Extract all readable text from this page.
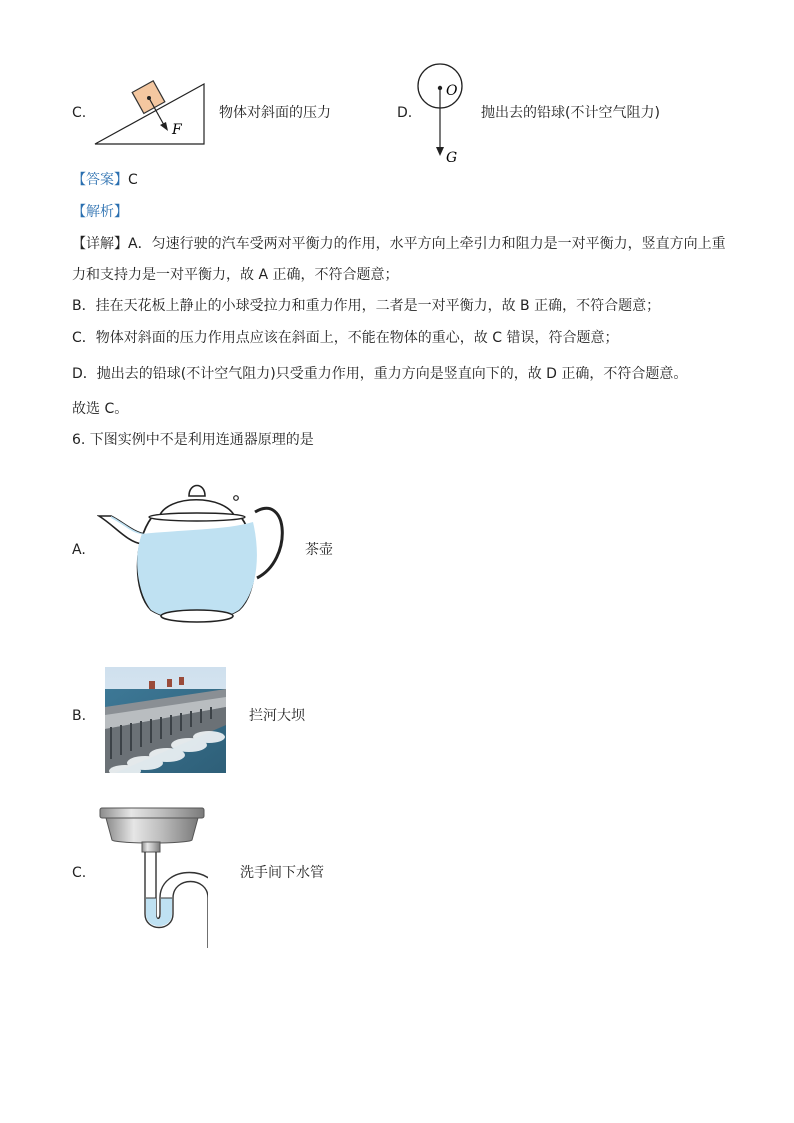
C.
F
物体对斜面的压力	D.
O
G
抛出去的铅球(不计空气阻力)
【答案】C
【解析】
【详解】A．匀速行驶的汽车受两对平衡力的作用，水平方向上牵引力和阻力是一对平衡力，竖直方向上重
力和支持力是一对平衡力，故 A 正确，不符合题意；
B．挂在天花板上静止的小球受拉力和重力作用，二者是一对平衡力，故 B 正确，不符合题意；
C．物体对斜面的压力作用点应该在斜面上，不能在物体的重心，故 C 错误，符合题意；
D．抛出去的铅球(不计空气阻力)只受重力作用，重力方向是竖直向下的，故 D 正确，不符合题意。
故选 C。
6. 下图实例中不是利用连通器原理的是
A.	茶壶
B.	拦河大坝
C.	洗手间下水管
